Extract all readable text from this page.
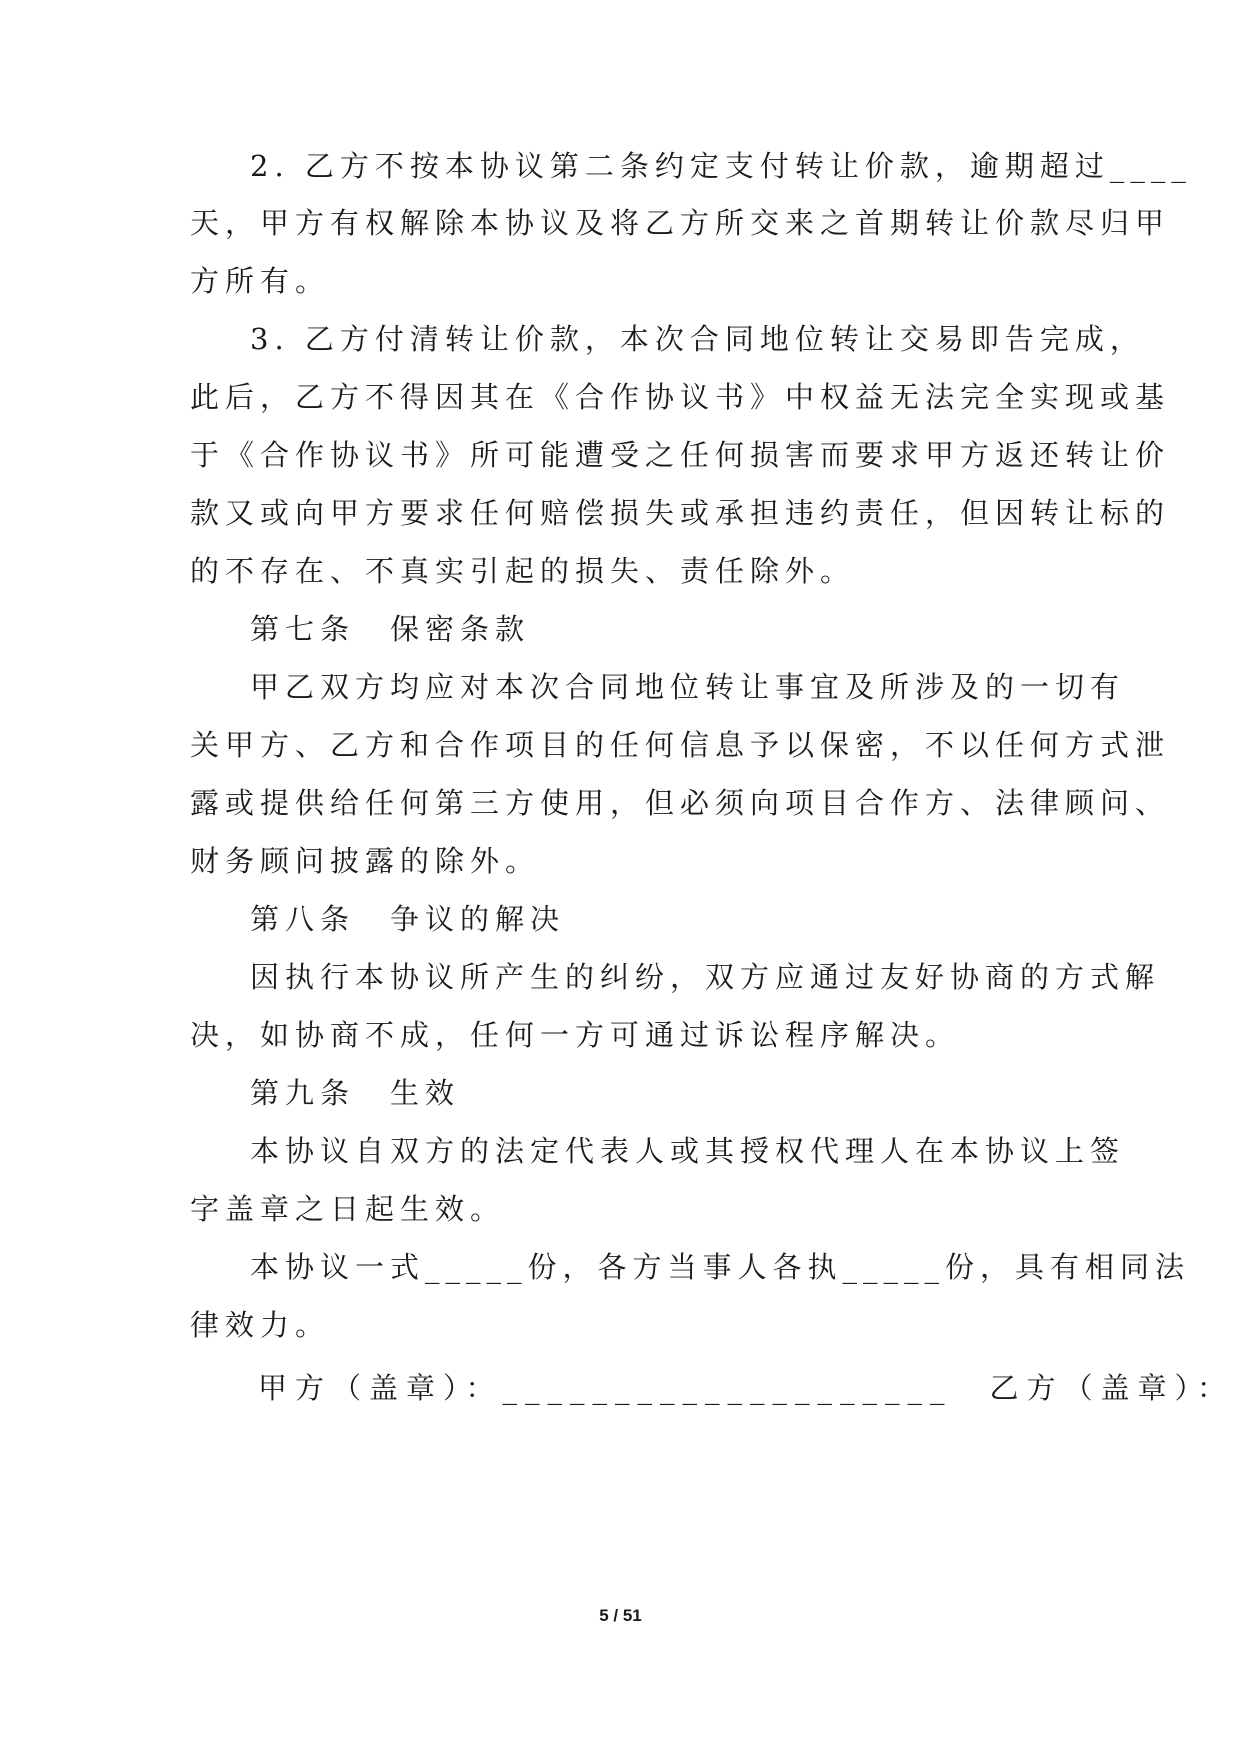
2. 乙方不按本协议第二条约定支付转让价款，逾期超过____
天，甲方有权解除本协议及将乙方所交来之首期转让价款尽归甲
方所有。
3. 乙方付清转让价款，本次合同地位转让交易即告完成，
此后，乙方不得因其在《合作协议书》中权益无法完全实现或基
于《合作协议书》所可能遭受之任何损害而要求甲方返还转让价
款又或向甲方要求任何赔偿损失或承担违约责任，但因转让标的
的不存在、不真实引起的损失、责任除外。
第七条　保密条款
甲乙双方均应对本次合同地位转让事宜及所涉及的一切有
关甲方、乙方和合作项目的任何信息予以保密，不以任何方式泄
露或提供给任何第三方使用，但必须向项目合作方、法律顾问、
财务顾问披露的除外。
第八条　争议的解决
因执行本协议所产生的纠纷，双方应通过友好协商的方式解
决，如协商不成，任何一方可通过诉讼程序解决。
第九条　生效
本协议自双方的法定代表人或其授权代理人在本协议上签
字盖章之日起生效。
本协议一式_____份，各方当事人各执_____份，具有相同法
律效力。
甲方（盖章）：____________________　乙方（盖章）：
5 / 51
